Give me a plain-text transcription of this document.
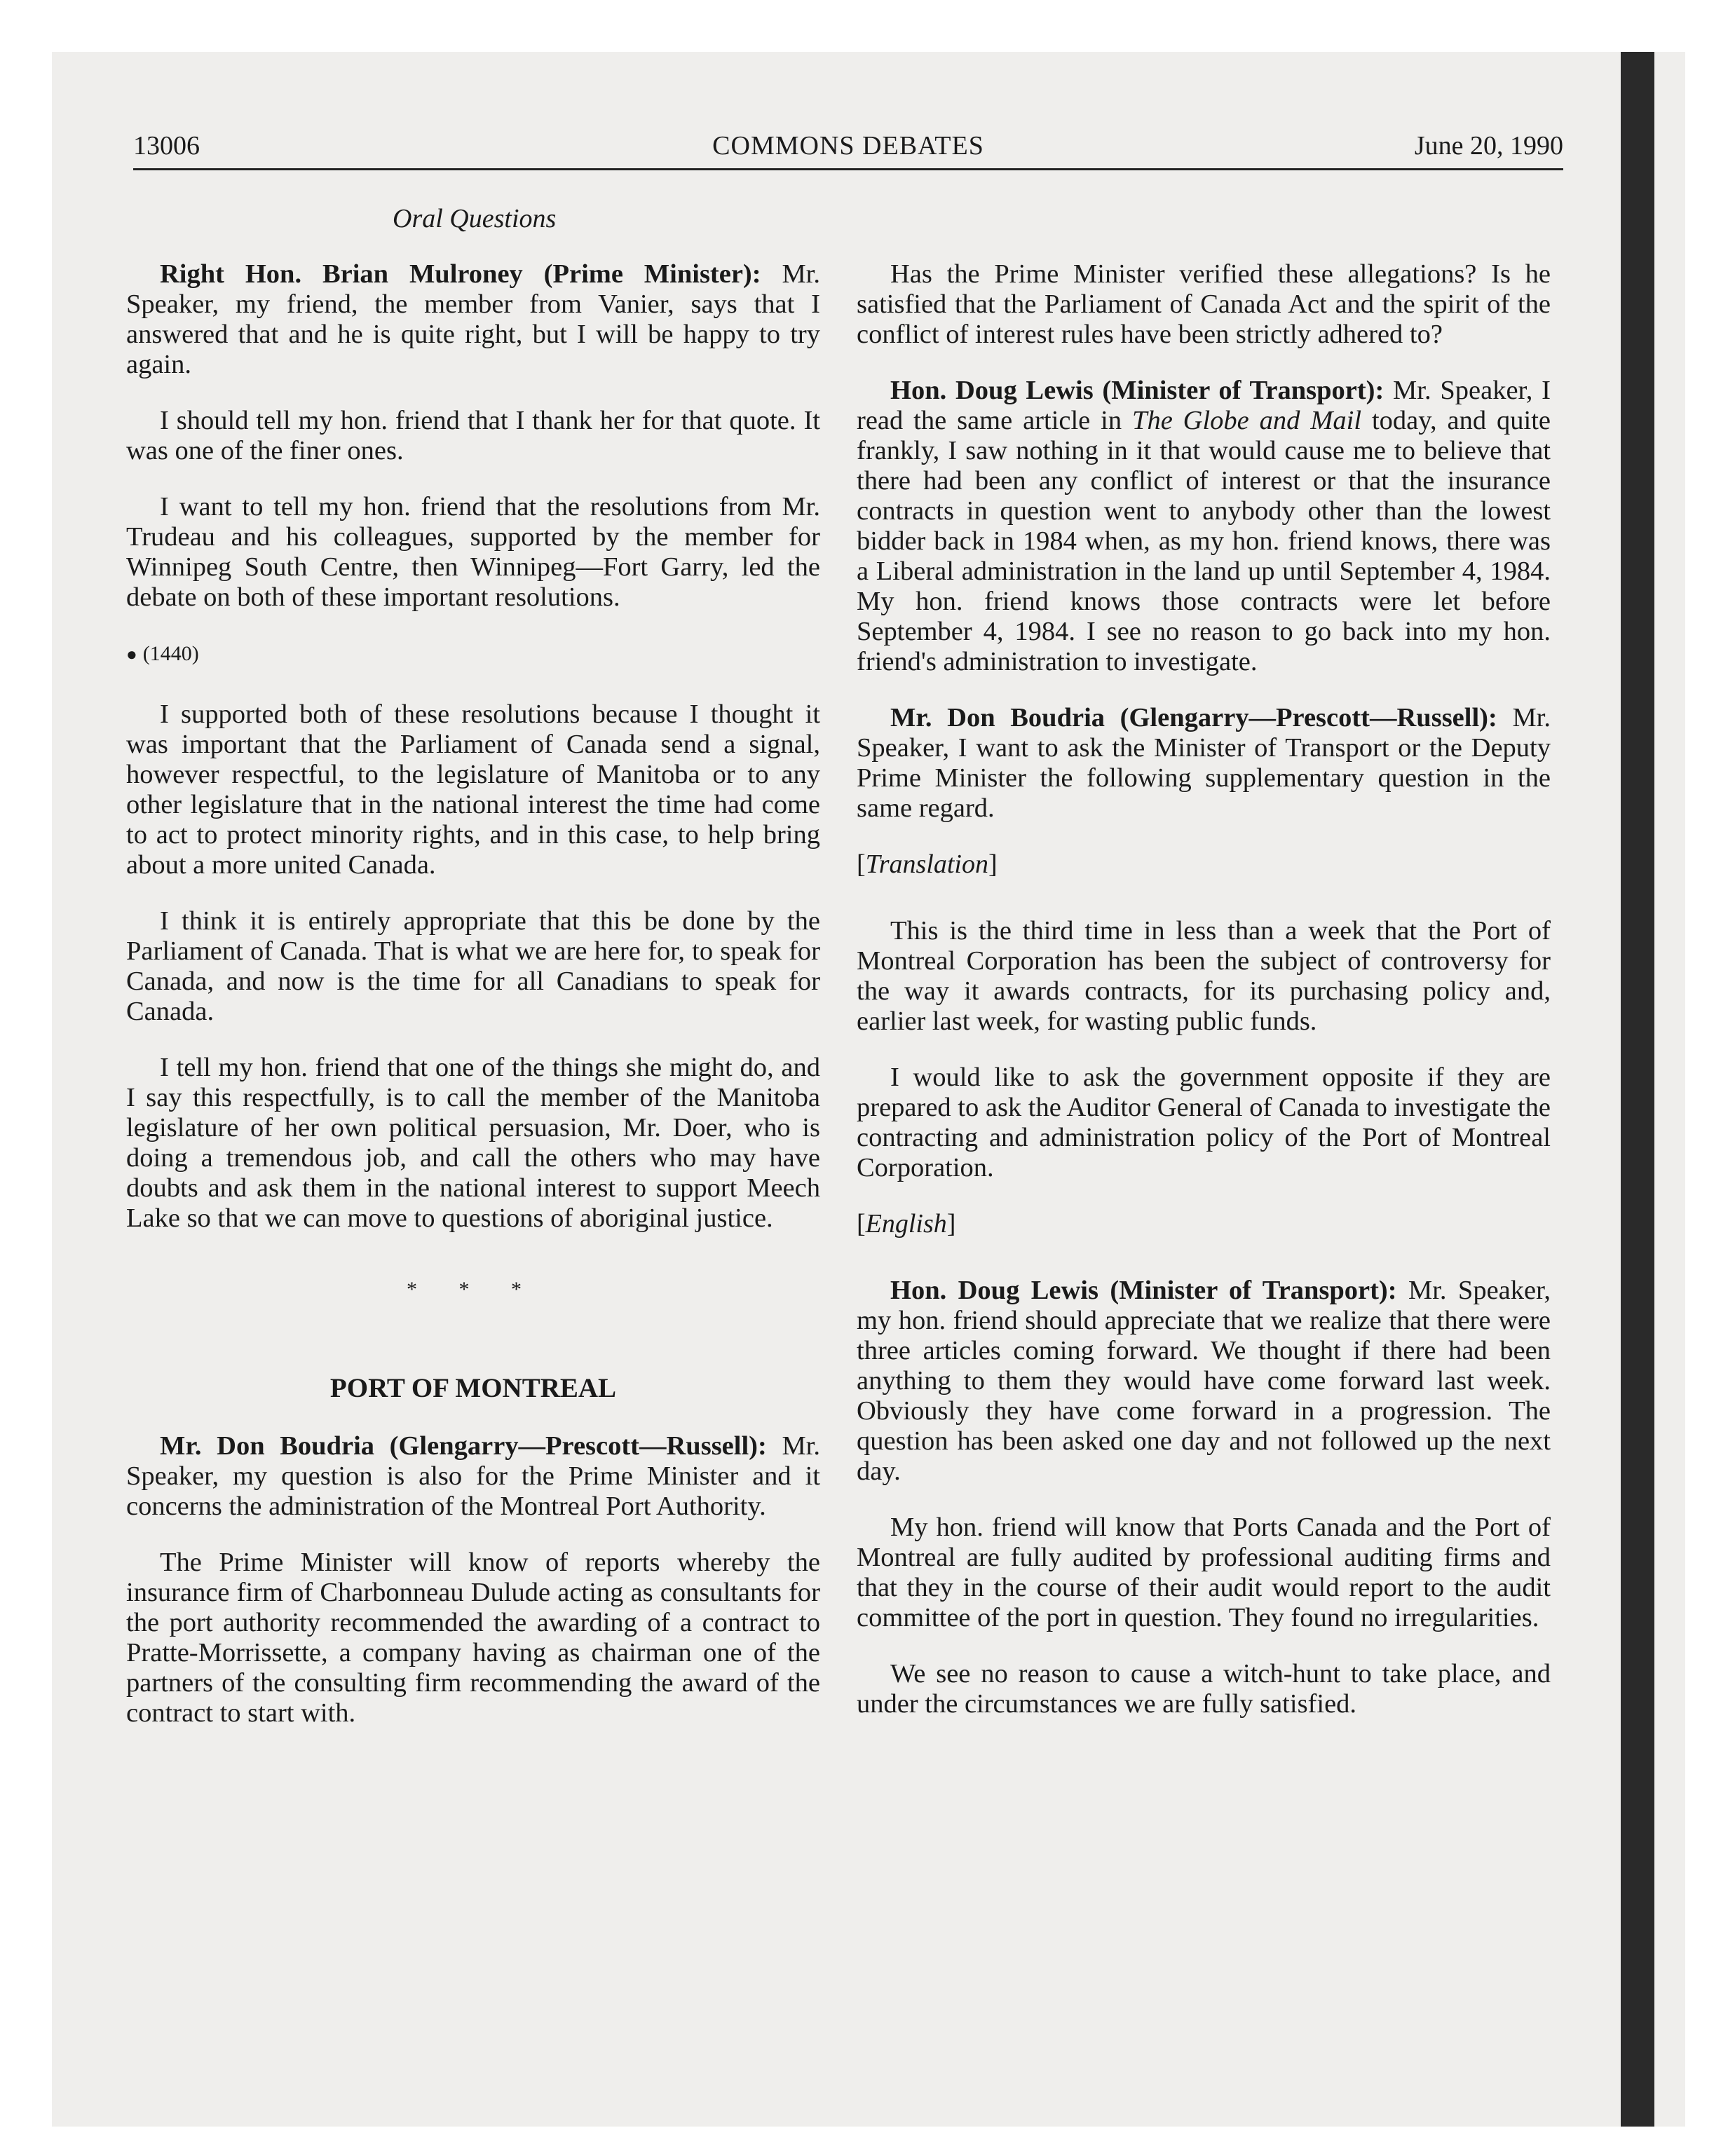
13006	COMMONS DEBATES	June 20, 1990
Oral Questions

Right Hon. Brian Mulroney (Prime Minister): Mr. Speaker, my friend, the member from Vanier, says that I answered that and he is quite right, but I will be happy to try again.

I should tell my hon. friend that I thank her for that quote. It was one of the finer ones.

I want to tell my hon. friend that the resolutions from Mr. Trudeau and his colleagues, supported by the member for Winnipeg South Centre, then Winnipeg—Fort Garry, led the debate on both of these important resolutions.

● (1440)

I supported both of these resolutions because I thought it was important that the Parliament of Canada send a signal, however respectful, to the legislature of Manitoba or to any other legislature that in the national interest the time had come to act to protect minority rights, and in this case, to help bring about a more united Canada.

I think it is entirely appropriate that this be done by the Parliament of Canada. That is what we are here for, to speak for Canada, and now is the time for all Canadians to speak for Canada.

I tell my hon. friend that one of the things she might do, and I say this respectfully, is to call the member of the Manitoba legislature of her own political persuasion, Mr. Doer, who is doing a tremendous job, and call the others who may have doubts and ask them in the national interest to support Meech Lake so that we can move to questions of aboriginal justice.

* * *
PORT OF MONTREAL

Mr. Don Boudria (Glengarry—Prescott—Russell): Mr. Speaker, my question is also for the Prime Minister and it concerns the administration of the Montreal Port Authority.

The Prime Minister will know of reports whereby the insurance firm of Charbonneau Dulude acting as consultants for the port authority recommended the awarding of a contract to Pratte-Morrissette, a company having as chairman one of the partners of the consulting firm recommending the award of the contract to start with.

Has the Prime Minister verified these allegations? Is he satisfied that the Parliament of Canada Act and the spirit of the conflict of interest rules have been strictly adhered to?

Hon. Doug Lewis (Minister of Transport): Mr. Speaker, I read the same article in The Globe and Mail today, and quite frankly, I saw nothing in it that would cause me to believe that there had been any conflict of interest or that the insurance contracts in question went to anybody other than the lowest bidder back in 1984 when, as my hon. friend knows, there was a Liberal administration in the land up until September 4, 1984. My hon. friend knows those contracts were let before September 4, 1984. I see no reason to go back into my hon. friend's administration to investigate.

Mr. Don Boudria (Glengarry—Prescott—Russell): Mr. Speaker, I want to ask the Minister of Transport or the Deputy Prime Minister the following supplementary question in the same regard.

[Translation]

This is the third time in less than a week that the Port of Montreal Corporation has been the subject of controversy for the way it awards contracts, for its purchasing policy and, earlier last week, for wasting public funds.

I would like to ask the government opposite if they are prepared to ask the Auditor General of Canada to investigate the contracting and administration policy of the Port of Montreal Corporation.

[English]

Hon. Doug Lewis (Minister of Transport): Mr. Speaker, my hon. friend should appreciate that we realize that there were three articles coming forward. We thought if there had been anything to them they would have come forward last week. Obviously they have come forward in a progression. The question has been asked one day and not followed up the next day.

My hon. friend will know that Ports Canada and the Port of Montreal are fully audited by professional auditing firms and that they in the course of their audit would report to the audit committee of the port in question. They found no irregularities.

We see no reason to cause a witch-hunt to take place, and under the circumstances we are fully satisfied.
